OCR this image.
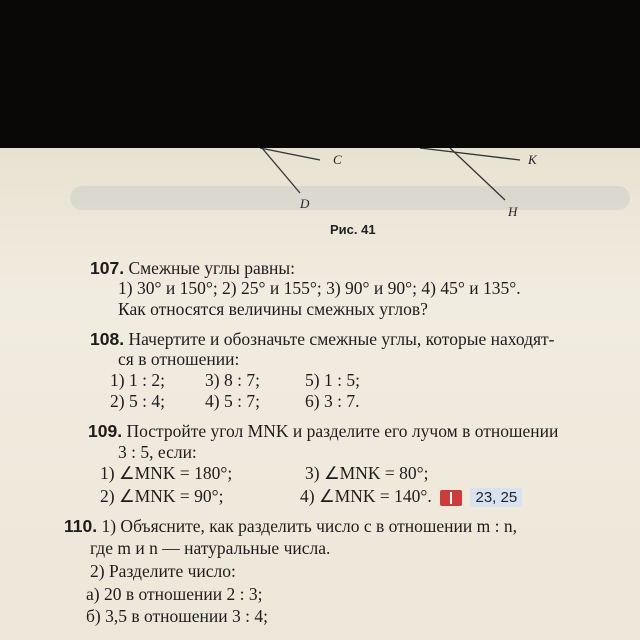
C
D
K
H
Рис. 41
107. Смежные углы равны:
1) 30° и 150°; 2) 25° и 155°; 3) 90° и 90°; 4) 45° и 135°.
Как относятся величины смежных углов?
108. Начертите и обозначьте смежные углы, которые находят-
ся в отношении:
1) 1 : 2; 3) 8 : 7;	5) 1 : 5;
2) 5 : 4; 4) 5 : 7;	6) 3 : 7.
109. Постройте угол MNK и разделите его лучом в отношении
3 : 5, если:
1) ∠MNK = 180°;	3) ∠MNK = 80°;
2) ∠MNK = 90°;	4) ∠MNK = 140°.	23, 25
110. 1) Объясните, как разделить число c в отношении m : n,
где m и n — натуральные числа.
2) Разделите число:
а) 20 в отношении 2 : 3;
б) 3,5 в отношении 3 : 4;
